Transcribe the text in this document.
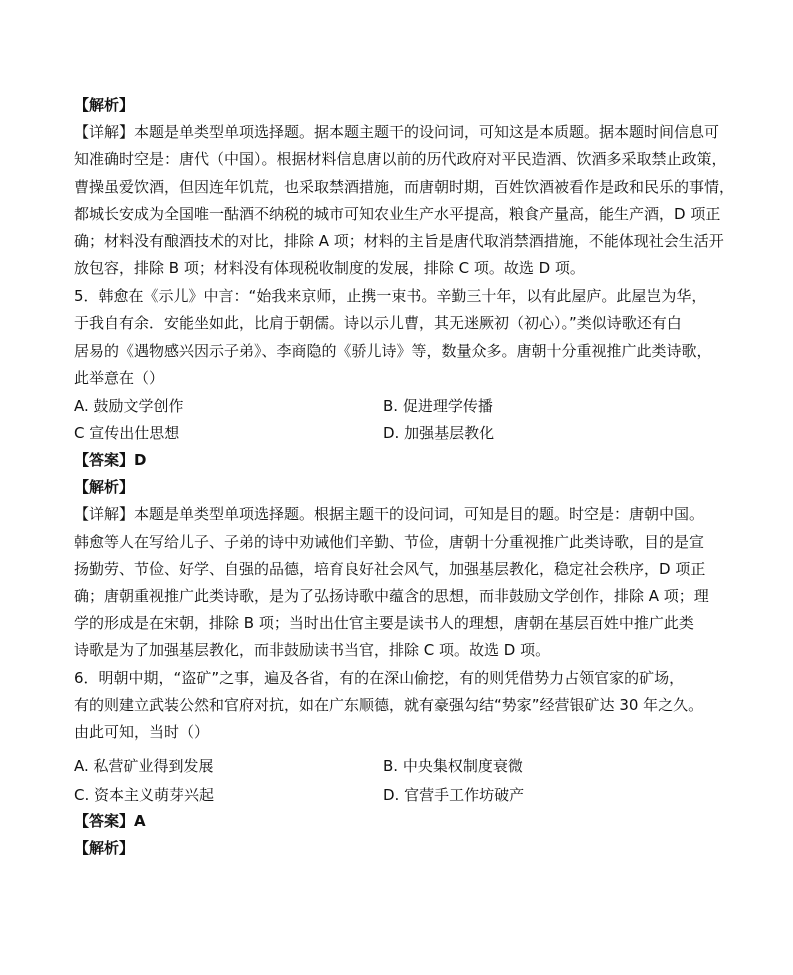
【解析】
【详解】本题是单类型单项选择题。据本题主题干的设问词，可知这是本质题。据本题时间信息可
知准确时空是：唐代（中国）。根据材料信息唐以前的历代政府对平民造酒、饮酒多采取禁止政策，
曹操虽爱饮酒，但因连年饥荒，也采取禁酒措施，而唐朝时期，百姓饮酒被看作是政和民乐的事情，
都城长安成为全国唯一酤酒不纳税的城市可知农业生产水平提高，粮食产量高，能生产酒，D 项正
确；材料没有酿酒技术的对比，排除 A 项；材料的主旨是唐代取消禁酒措施，不能体现社会生活开
放包容，排除 B 项；材料没有体现税收制度的发展，排除 C 项。故选 D 项。
5．韩愈在《示儿》中言：“始我来京师，止携一束书。辛勤三十年，以有此屋庐。此屋岂为华，
于我自有余．安能坐如此，比肩于朝儒。诗以示儿曹，其无迷厥初（初心）。”类似诗歌还有白
居易的《遇物感兴因示子弟》、李商隐的《骄儿诗》等，数量众多。唐朝十分重视推广此类诗歌，
此举意在（）
A. 鼓励文学创作	B. 促进理学传播
C 宣传出仕思想	D. 加强基层教化
【答案】D
【解析】
【详解】本题是单类型单项选择题。根据主题干的设问词，可知是目的题。时空是：唐朝中国。
韩愈等人在写给儿子、子弟的诗中劝诫他们辛勤、节俭，唐朝十分重视推广此类诗歌，目的是宣
扬勤劳、节俭、好学、自强的品德，培育良好社会风气，加强基层教化，稳定社会秩序，D 项正
确；唐朝重视推广此类诗歌，是为了弘扬诗歌中蕴含的思想，而非鼓励文学创作，排除 A 项；理
学的形成是在宋朝，排除 B 项；当时出仕官主要是读书人的理想，唐朝在基层百姓中推广此类
诗歌是为了加强基层教化，而非鼓励读书当官，排除 C 项。故选 D 项。
6．明朝中期，“盗矿”之事，遍及各省，有的在深山偷挖，有的则凭借势力占领官家的矿场，
有的则建立武装公然和官府对抗，如在广东顺德，就有豪强勾结“势家”经营银矿达 30 年之久。
由此可知，当时（）
A. 私营矿业得到发展	B. 中央集权制度衰微
C. 资本主义萌芽兴起	D. 官营手工作坊破产
【答案】A
【解析】
